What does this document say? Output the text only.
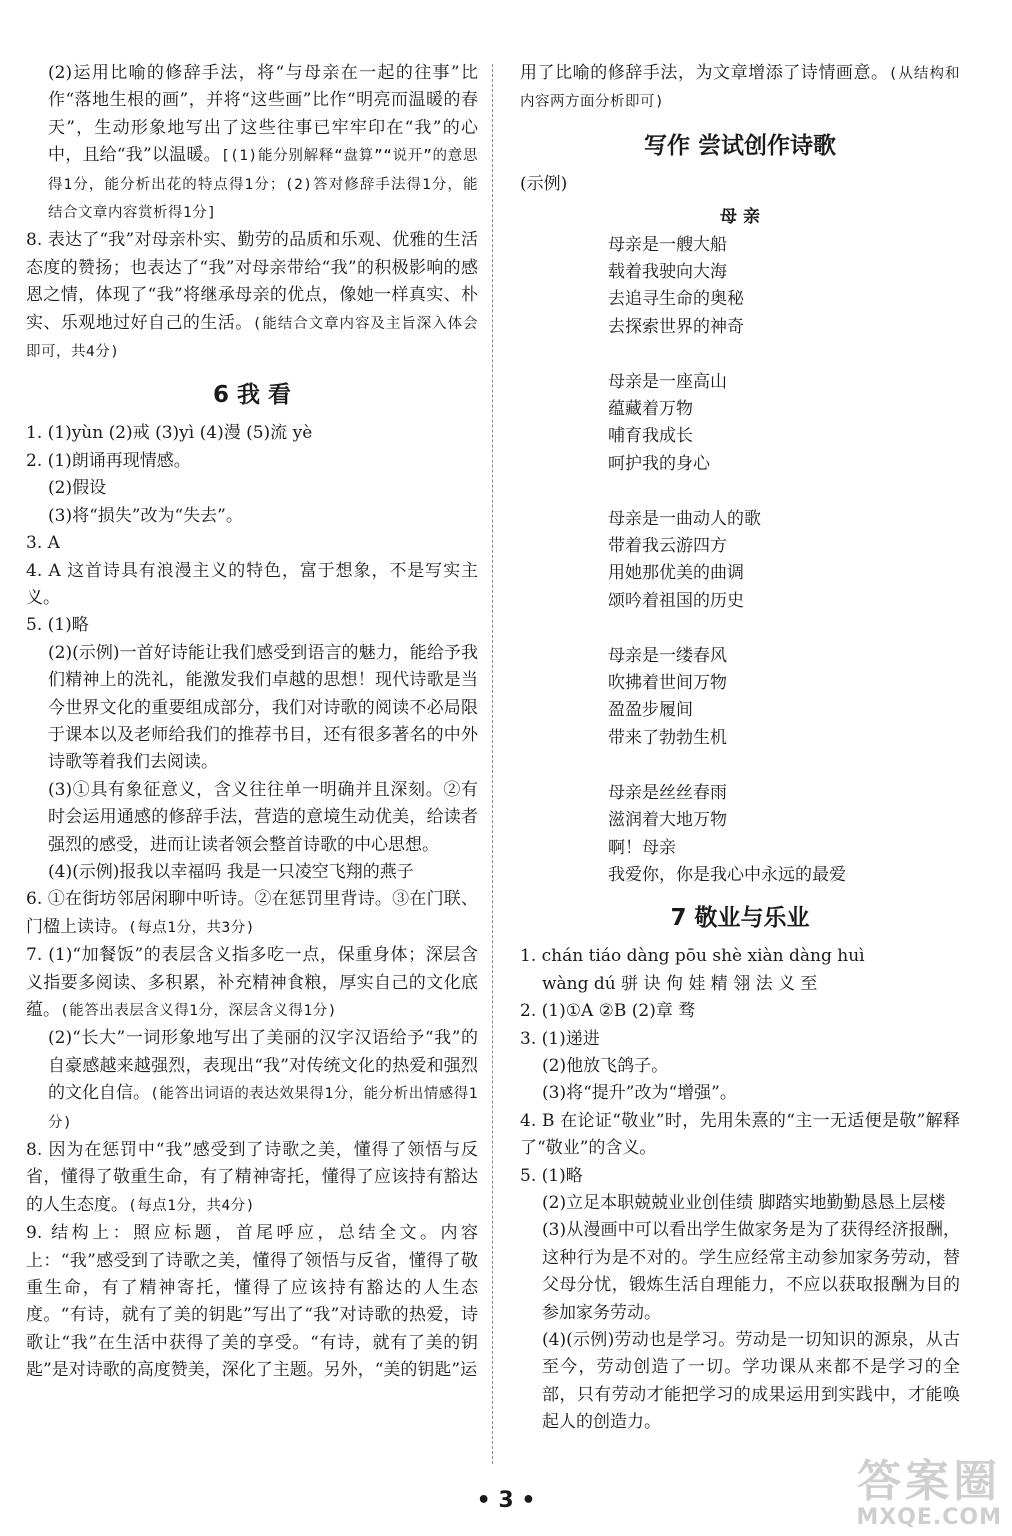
(2)运用比喻的修辞手法，将“与母亲在一起的往事”比作“落地生根的画”，并将“这些画”比作“明亮而温暖的春天”，生动形象地写出了这些往事已牢牢印在“我”的心中，且给“我”以温暖。[(1)能分别解释“盘算”“说开”的意思得1分，能分析出花的特点得1分；(2)答对修辞手法得1分，能结合文章内容赏析得1分]

8. 表达了“我”对母亲朴实、勤劳的品质和乐观、优雅的生活态度的赞扬；也表达了“我”对母亲带给“我”的积极影响的感恩之情，体现了“我”将继承母亲的优点，像她一样真实、朴实、乐观地过好自己的生活。(能结合文章内容及主旨深入体会即可，共4分)

6 我 看

1. (1)yùn (2)戒 (3)yì (4)漫 (5)流 yè

2. (1)朗诵再现情感。

(2)假设

(3)将“损失”改为“失去”。

3. A

4. A 这首诗具有浪漫主义的特色，富于想象，不是写实主义。

5. (1)略

(2)(示例)一首好诗能让我们感受到语言的魅力，能给予我们精神上的洗礼，能激发我们卓越的思想！现代诗歌是当今世界文化的重要组成部分，我们对诗歌的阅读不必局限于课本以及老师给我们的推荐书目，还有很多著名的中外诗歌等着我们去阅读。

(3)①具有象征意义，含义往往单一明确并且深刻。②有时会运用通感的修辞手法，营造的意境生动优美，给读者强烈的感受，进而让读者领会整首诗歌的中心思想。

(4)(示例)报我以幸福吗 我是一只凌空飞翔的燕子

6. ①在街坊邻居闲聊中听诗。②在惩罚里背诗。③在门联、门楹上读诗。(每点1分，共3分)

7. (1)“加餐饭”的表层含义指多吃一点，保重身体；深层含义指要多阅读、多积累，补充精神食粮，厚实自己的文化底蕴。(能答出表层含义得1分，深层含义得1分)

(2)“长大”一词形象地写出了美丽的汉字汉语给予“我”的自豪感越来越强烈，表现出“我”对传统文化的热爱和强烈的文化自信。(能答出词语的表达效果得1分，能分析出情感得1分)

8. 因为在惩罚中“我”感受到了诗歌之美，懂得了领悟与反省，懂得了敬重生命，有了精神寄托，懂得了应该持有豁达的人生态度。(每点1分，共4分)

9. 结构上：照应标题，首尾呼应，总结全文。内容上：“我”感受到了诗歌之美，懂得了领悟与反省，懂得了敬重生命，有了精神寄托，懂得了应该持有豁达的人生态度。“有诗，就有了美的钥匙”写出了“我”对诗歌的热爱，诗歌让“我”在生活中获得了美的享受。“有诗，就有了美的钥匙”是对诗歌的高度赞美，深化了主题。另外，“美的钥匙”运

用了比喻的修辞手法，为文章增添了诗情画意。(从结构和内容两方面分析即可)

写作 尝试创作诗歌

(示例)

母 亲

母亲是一艘大船

载着我驶向大海

去追寻生命的奥秘

去探索世界的神奇

母亲是一座高山

蕴藏着万物

哺育我成长

呵护我的身心

母亲是一曲动人的歌

带着我云游四方

用她那优美的曲调

颂吟着祖国的历史

母亲是一缕春风

吹拂着世间万物

盈盈步履间

带来了勃勃生机

母亲是丝丝春雨

滋润着大地万物

啊！母亲

我爱你，你是我心中永远的最爱

7 敬业与乐业

1. chán tiáo dàng pōu shè xiàn dàng huì

wàng dú 骈 诀 佝 娃 精 翎 法 义 至

2. (1)①A ②B (2)章 骛

3. (1)递进

(2)他放飞鸽子。

(3)将“提升”改为“增强”。

4. B 在论证“敬业”时，先用朱熹的“主一无适便是敬”解释了“敬业”的含义。

5. (1)略

(2)立足本职兢兢业业创佳绩 脚踏实地勤勤恳恳上层楼

(3)从漫画中可以看出学生做家务是为了获得经济报酬，这种行为是不对的。学生应经常主动参加家务劳动，替父母分忧，锻炼生活自理能力，不应以获取报酬为目的参加家务劳动。

(4)(示例)劳动也是学习。劳动是一切知识的源泉，从古至今，劳动创造了一切。学功课从来都不是学习的全部，只有劳动才能把学习的成果运用到实践中，才能唤起人的创造力。

• 3 •	答案圈
MXQE.COM
